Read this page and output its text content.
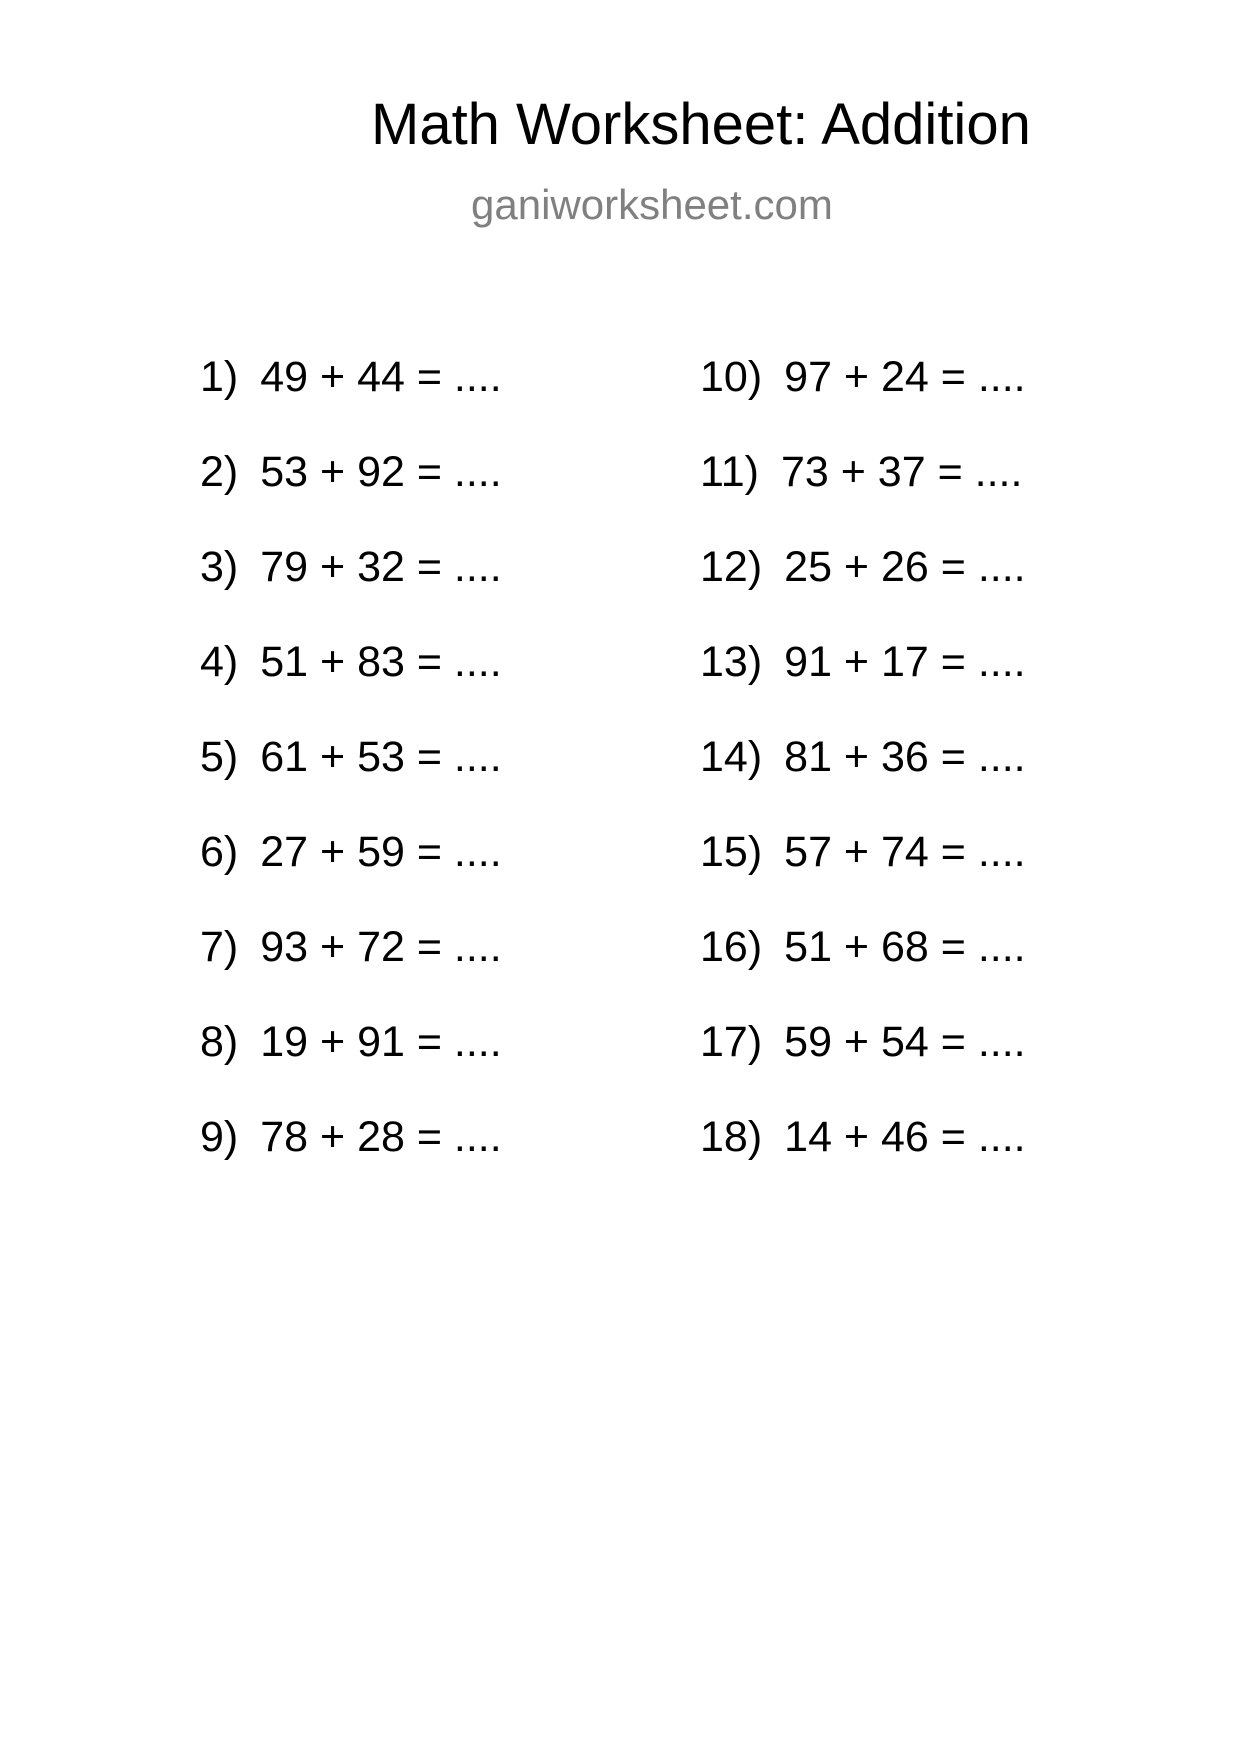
Math Worksheet: Addition
ganiworksheet.com
1) 49 + 44 = ....
2) 53 + 92 = ....
3) 79 + 32 = ....
4) 51 + 83 = ....
5) 61 + 53 = ....
6) 27 + 59 = ....
7) 93 + 72 = ....
8) 19 + 91 = ....
9) 78 + 28 = ....
10) 97 + 24 = ....
11) 73 + 37 = ....
12) 25 + 26 = ....
13) 91 + 17 = ....
14) 81 + 36 = ....
15) 57 + 74 = ....
16) 51 + 68 = ....
17) 59 + 54 = ....
18) 14 + 46 = ....
